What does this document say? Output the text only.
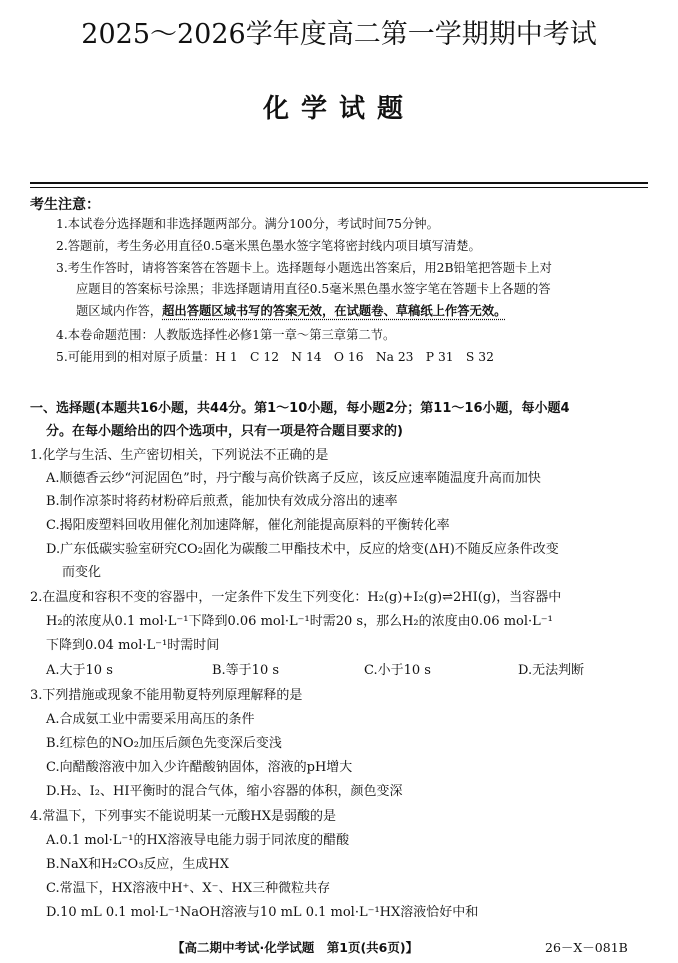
2025～2026学年度高二第一学期期中考试
化学试题
考生注意：
1.本试卷分选择题和非选择题两部分。满分100分，考试时间75分钟。
2.答题前，考生务必用直径0.5毫米黑色墨水签字笔将密封线内项目填写清楚。
3.考生作答时，请将答案答在答题卡上。选择题每小题选出答案后，用2B铅笔把答题卡上对
应题目的答案标号涂黑；非选择题请用直径0.5毫米黑色墨水签字笔在答题卡上各题的答
题区域内作答，超出答题区域书写的答案无效，在试题卷、草稿纸上作答无效。
4.本卷命题范围：人教版选择性必修1第一章～第三章第二节。
5.可能用到的相对原子质量：H 1　C 12　N 14　O 16　Na 23　P 31　S 32
一、选择题(本题共16小题，共44分。第1～10小题，每小题2分；第11～16小题，每小题4
分。在每小题给出的四个选项中，只有一项是符合题目要求的)
1.化学与生活、生产密切相关，下列说法不正确的是
A.顺德香云纱“河泥固色”时，丹宁酸与高价铁离子反应，该反应速率随温度升高而加快
B.制作凉茶时将药材粉碎后煎煮，能加快有效成分溶出的速率
C.揭阳废塑料回收用催化剂加速降解，催化剂能提高原料的平衡转化率
D.广东低碳实验室研究CO₂固化为碳酸二甲酯技术中，反应的焓变(ΔH)不随反应条件改变
而变化
2.在温度和容积不变的容器中，一定条件下发生下列变化：H₂(g)+I₂(g)⇌2HI(g)，当容器中
H₂的浓度从0.1 mol·L⁻¹下降到0.06 mol·L⁻¹时需20 s，那么H₂的浓度由0.06 mol·L⁻¹
下降到0.04 mol·L⁻¹时需时间
A.大于10 s	B.等于10 s	C.小于10 s	D.无法判断
3.下列措施或现象不能用勒夏特列原理解释的是
A.合成氨工业中需要采用高压的条件
B.红棕色的NO₂加压后颜色先变深后变浅
C.向醋酸溶液中加入少许醋酸钠固体，溶液的pH增大
D.H₂、I₂、HI平衡时的混合气体，缩小容器的体积，颜色变深
4.常温下，下列事实不能说明某一元酸HX是弱酸的是
A.0.1 mol·L⁻¹的HX溶液导电能力弱于同浓度的醋酸
B.NaX和H₂CO₃反应，生成HX
C.常温下，HX溶液中H⁺、X⁻、HX三种微粒共存
D.10 mL 0.1 mol·L⁻¹NaOH溶液与10 mL 0.1 mol·L⁻¹HX溶液恰好中和
【高二期中考试·化学试题　第1页(共6页)】	26－X－081B
